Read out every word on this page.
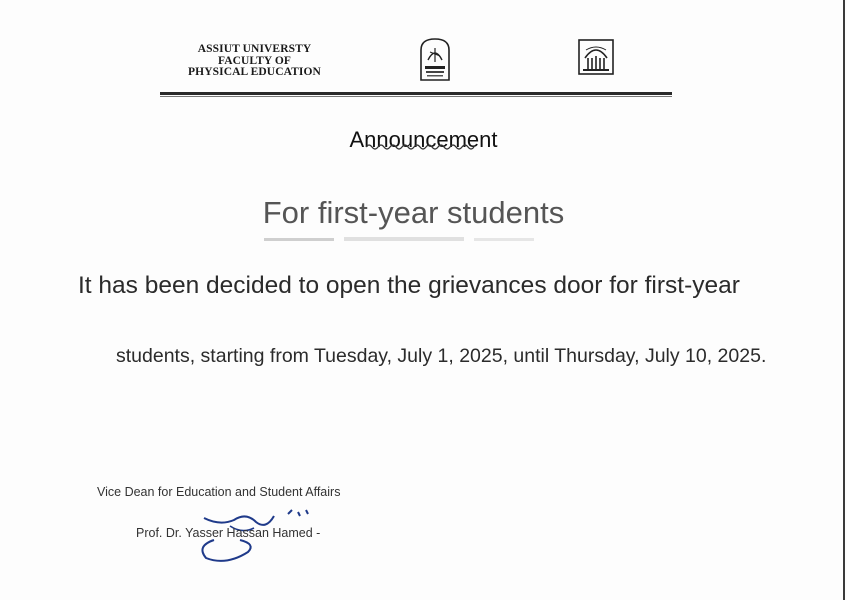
ASSIUT UNIVERSTY
FACULTY OF
PHYSICAL EDUCATION
Announcement
For first-year students
It has been decided to open the grievances door for first-year
students, starting from Tuesday, July 1, 2025, until Thursday, July 10, 2025.
Vice Dean for Education and Student Affairs
Prof. Dr. Yasser Hassan Hamed -
